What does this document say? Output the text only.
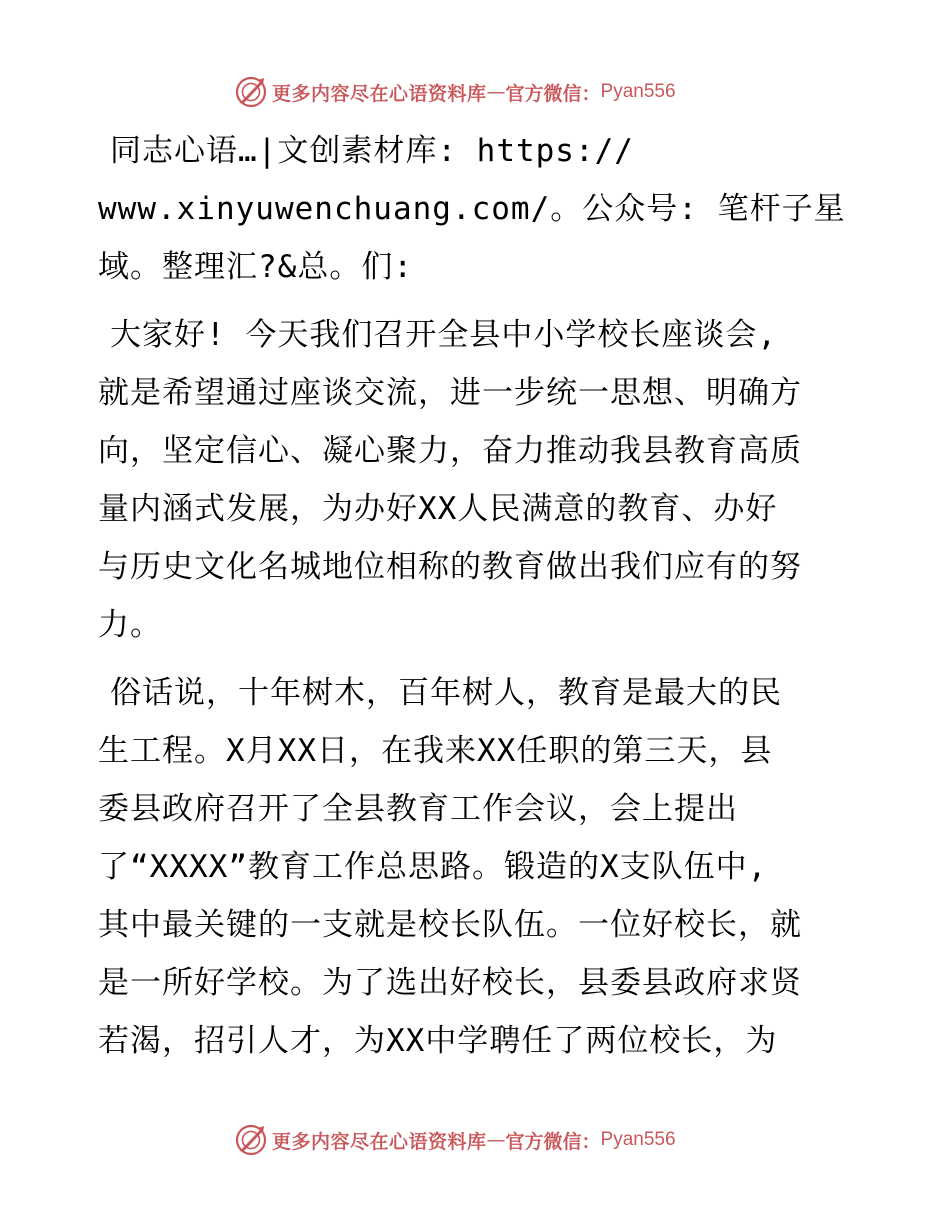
更多内容尽在心语资料库 — 官方微信： Pyan556
同志心语…|文创素材库: https://
www.xinyuwenchuang.com/。公众号: 笔杆子星
域。整理汇?&总。们:
大家好! 今天我们召开全县中小学校长座谈会,
就是希望通过座谈交流，进一步统一思想、明确方
向，坚定信心、凝心聚力，奋力推动我县教育高质
量内涵式发展，为办好XX人民满意的教育、办好
与历史文化名城地位相称的教育做出我们应有的努
力。
俗话说，十年树木，百年树人，教育是最大的民
生工程。X月XX日，在我来XX任职的第三天，县
委县政府召开了全县教育工作会议，会上提出
了“XXXX”教育工作总思路。锻造的X支队伍中,
其中最关键的一支就是校长队伍。一位好校长，就
是一所好学校。为了选出好校长，县委县政府求贤
若渴，招引人才，为XX中学聘任了两位校长，为
更多内容尽在心语资料库 — 官方微信： Pyan556
